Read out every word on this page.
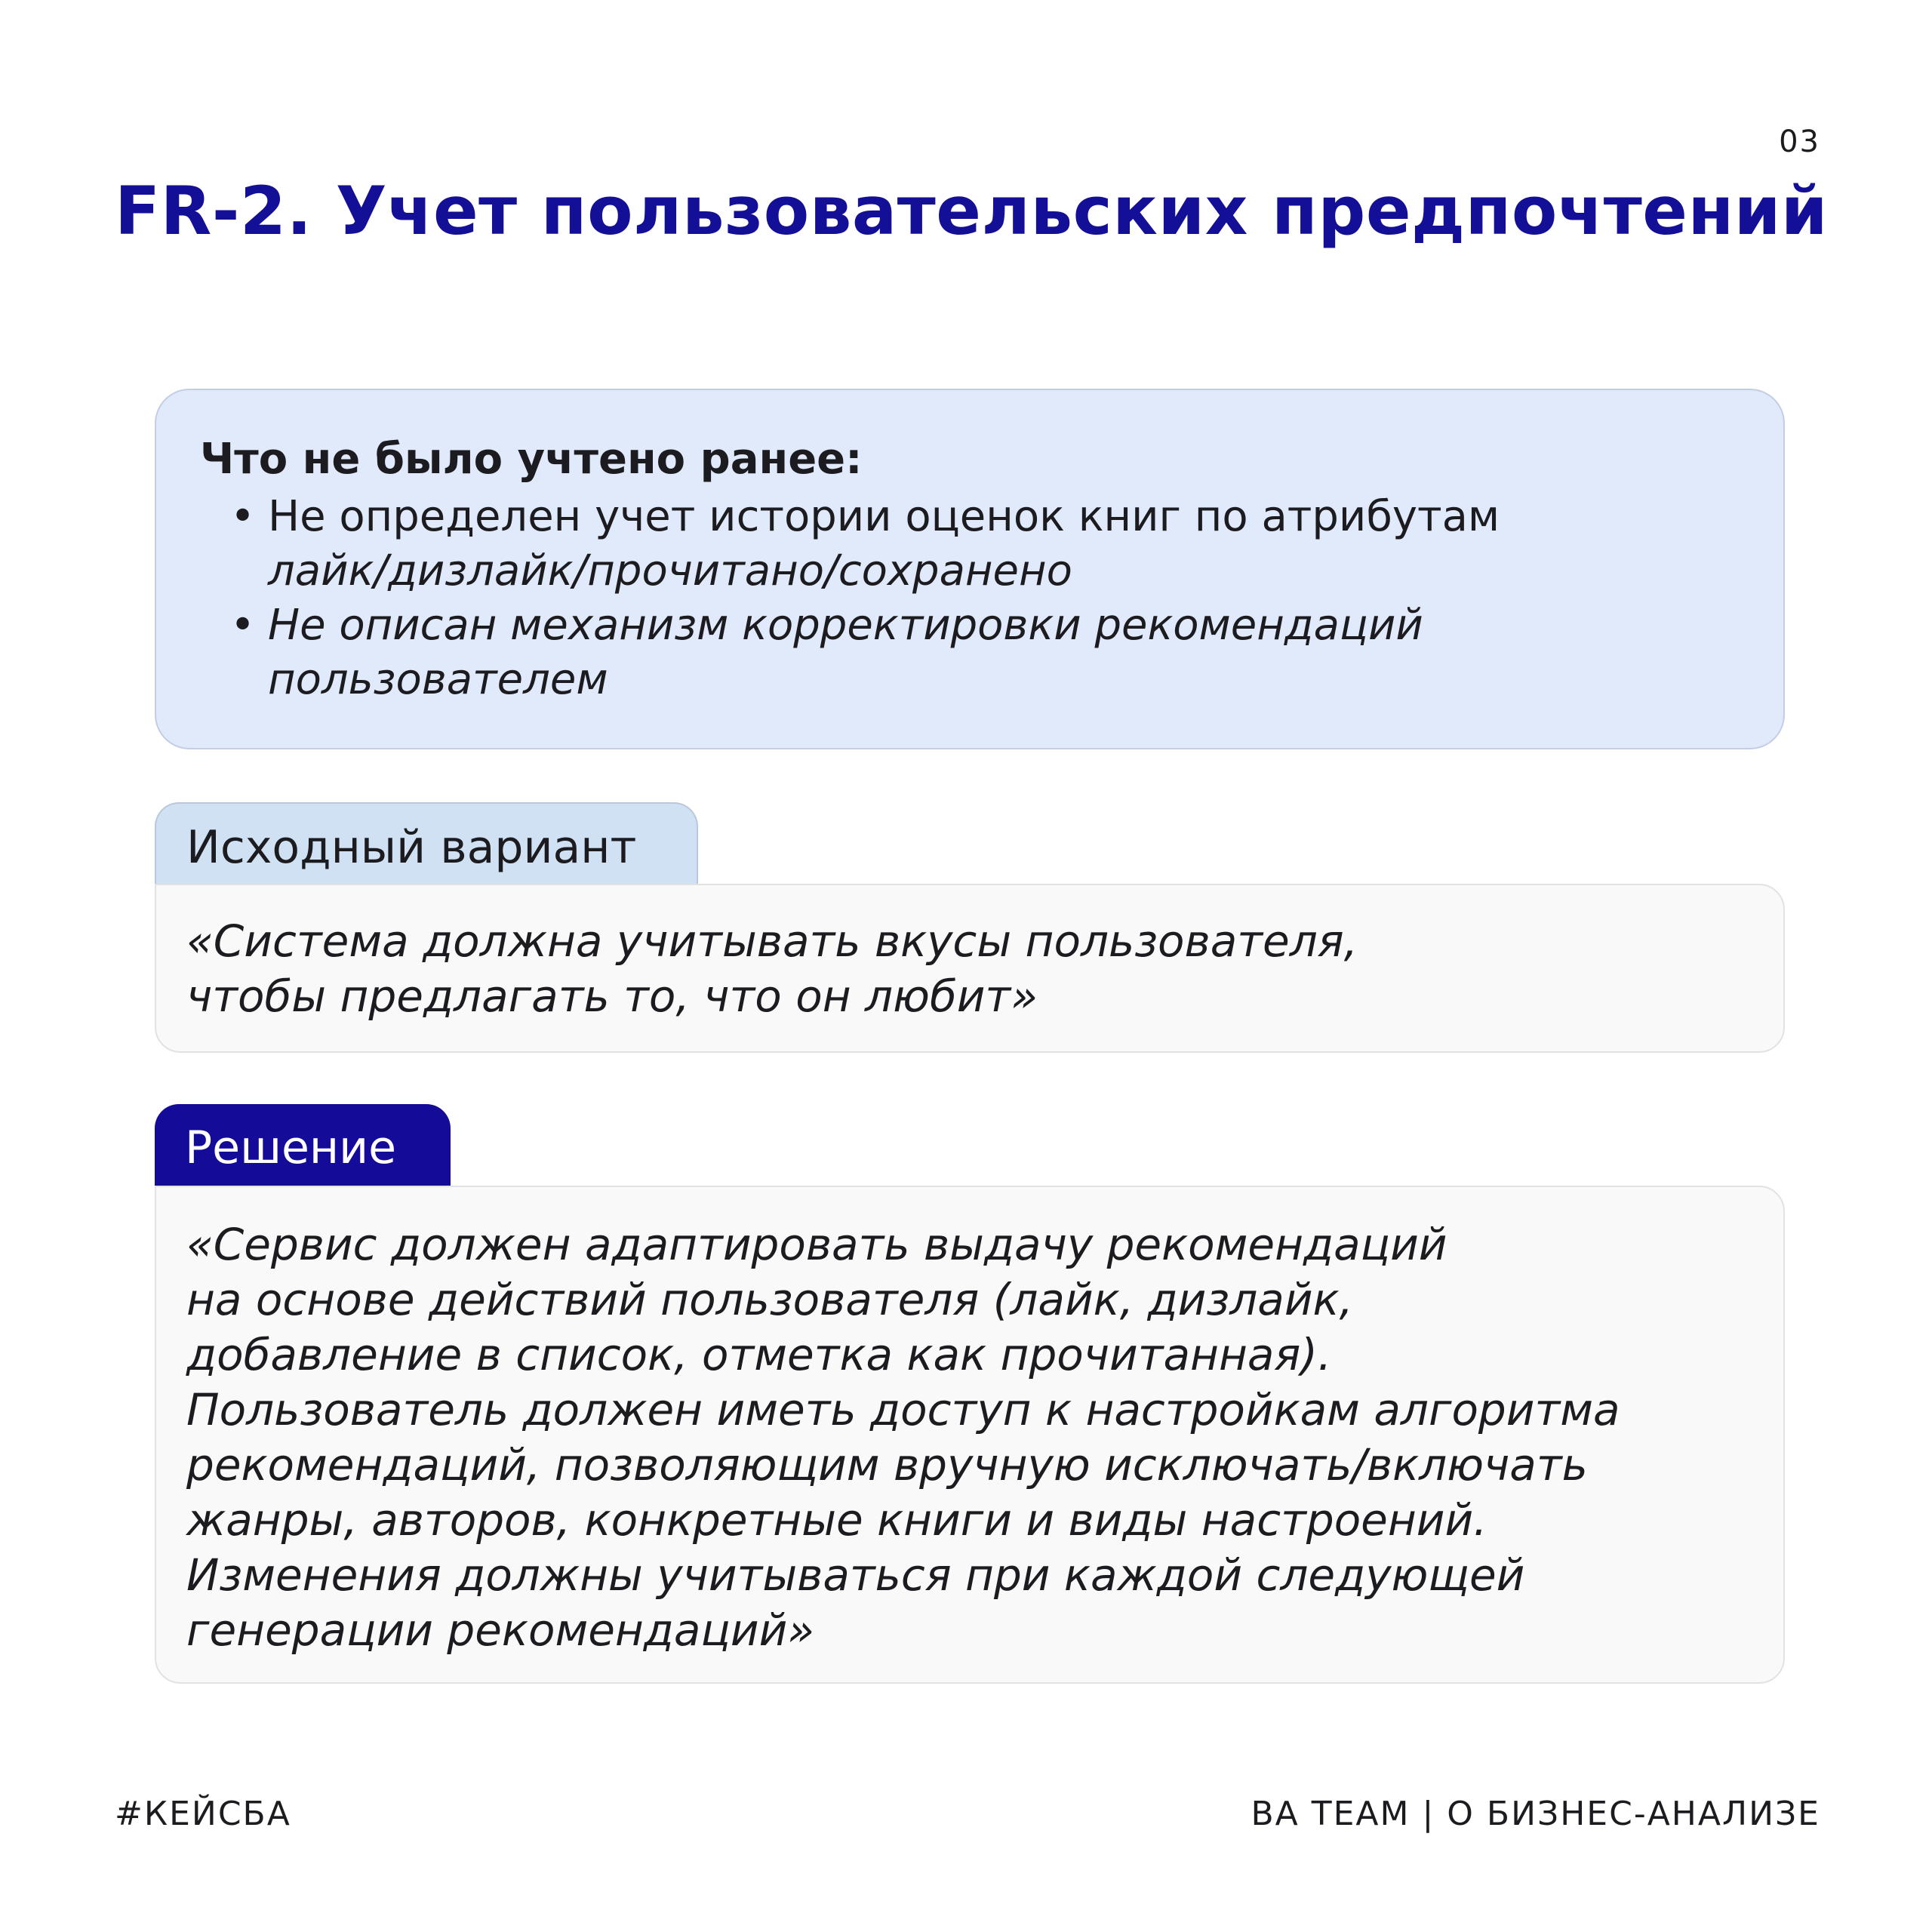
03
FR-2. Учет пользовательских предпочтений
Что не было учтено ранее:
• Не определен учет истории оценок книг по атрибутам
лайк/дизлайк/прочитано/сохранено
• Не описан механизм корректировки рекомендаций пользователем
Исходный вариант

«Система должна учитывать вкусы пользователя,
чтобы предлагать то, что он любит»

Решение

«Сервис должен адаптировать выдачу рекомендаций
на основе действий пользователя (лайк, дизлайк,
добавление в список, отметка как прочитанная).
Пользователь должен иметь доступ к настройкам алгоритма
рекомендаций, позволяющим вручную исключать/включать
жанры, авторов, конкретные книги и виды настроений.
Изменения должны учитываться при каждой следующей
генерации рекомендаций»

#КЕЙСБА	BA TEAM | О БИЗНЕС-АНАЛИЗЕ
